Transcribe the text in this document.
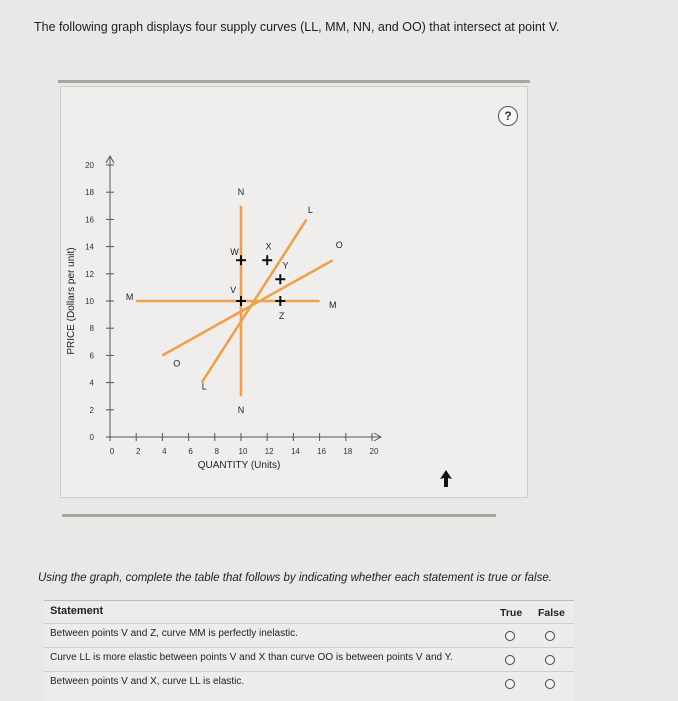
The following graph displays four supply curves (LL, MM, NN, and OO) that intersect at point V.
?
0
2
4
6
8
10
12
14
16
18
20
0	2	4	6	8 10 12 14 16 18 20
M
M
N
N
L
L
O
O
V
W
X
Y
Z
QUANTITY (Units)
PRICE (Dollars per unit)
Using the graph, complete the table that follows by indicating whether each statement is true or false.
Statement	True False
Between points V and Z, curve MM is perfectly inelastic.
Curve LL is more elastic between points V and X than curve OO is between points V and Y.
Between points V and X, curve LL is elastic.
